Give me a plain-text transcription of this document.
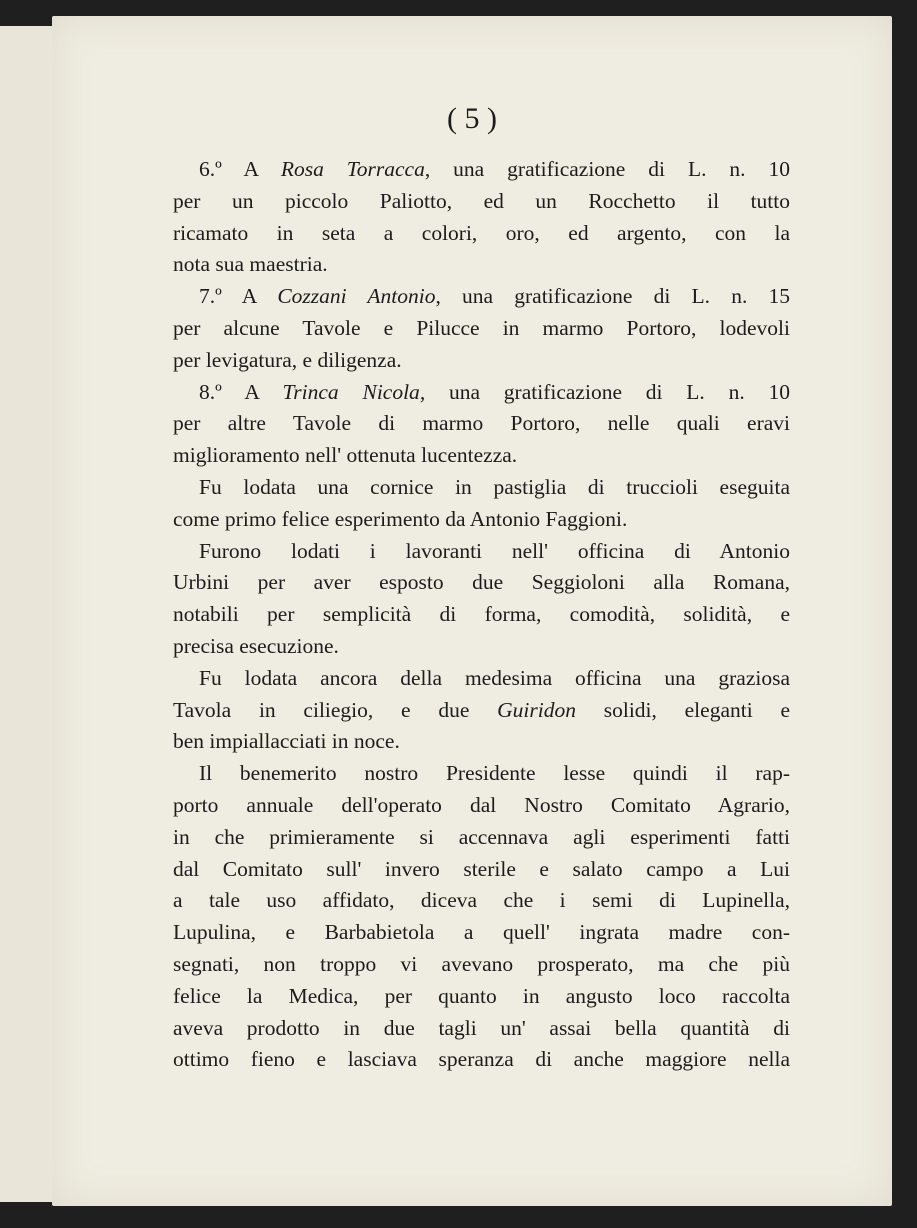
( 5 )
6.º A Rosa Torracca, una gratificazione di L. n. 10
per un piccolo Paliotto, ed un Rocchetto il tutto
ricamato in seta a colori, oro, ed argento, con la
nota sua maestria.
7.º A Cozzani Antonio, una gratificazione di L. n. 15
per alcune Tavole e Pilucce in marmo Portoro, lodevoli
per levigatura, e diligenza.
8.º A Trinca Nicola, una gratificazione di L. n. 10
per altre Tavole di marmo Portoro, nelle quali eravi
miglioramento nell' ottenuta lucentezza.
Fu lodata una cornice in pastiglia di truccioli eseguita
come primo felice esperimento da Antonio Faggioni.
Furono lodati i lavoranti nell' officina di Antonio
Urbini per aver esposto due Seggioloni alla Romana,
notabili per semplicità di forma, comodità, solidità, e
precisa esecuzione.
Fu lodata ancora della medesima officina una graziosa
Tavola in ciliegio, e due Guiridon solidi, eleganti e
ben impiallacciati in noce.
Il benemerito nostro Presidente lesse quindi il rap-
porto annuale dell'operato dal Nostro Comitato Agrario,
in che primieramente si accennava agli esperimenti fatti
dal Comitato sull' invero sterile e salato campo a Lui
a tale uso affidato, diceva che i semi di Lupinella,
Lupulina, e Barbabietola a quell' ingrata madre con-
segnati, non troppo vi avevano prosperato, ma che più
felice la Medica, per quanto in angusto loco raccolta
aveva prodotto in due tagli un' assai bella quantità di
ottimo fieno e lasciava speranza di anche maggiore nella
